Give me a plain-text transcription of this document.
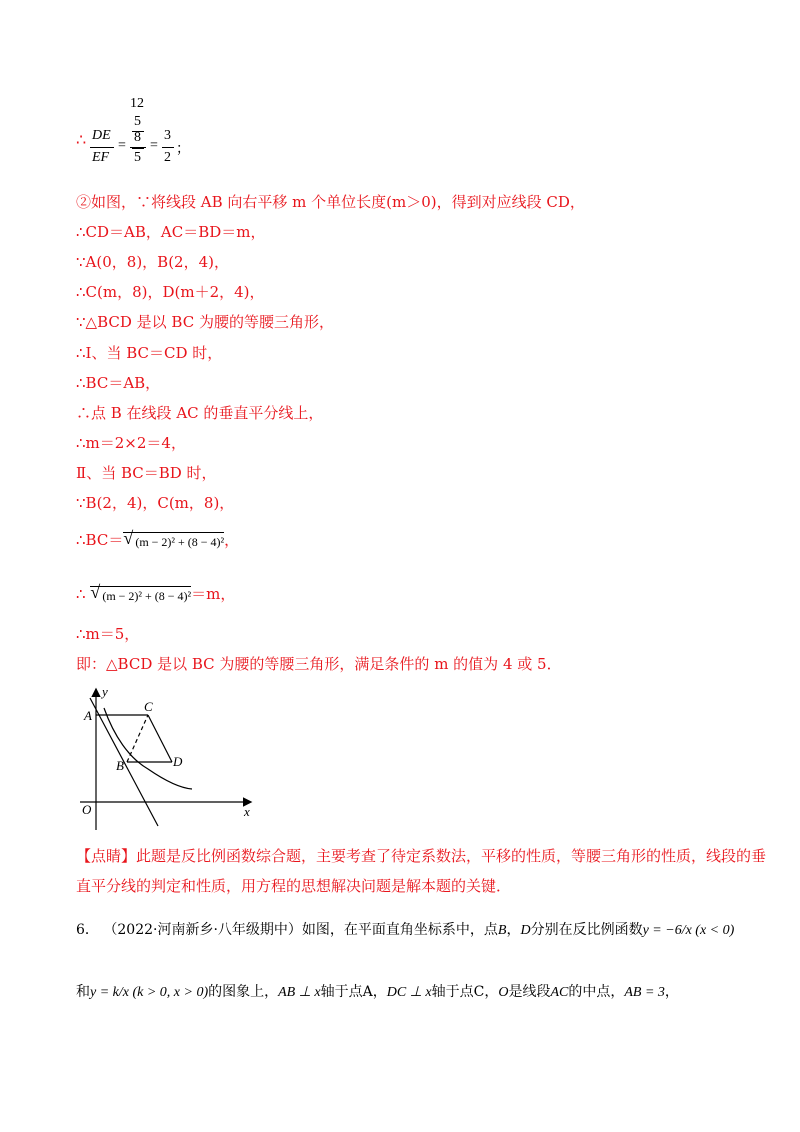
∴ DE
EF
=
12
5
8
5
=
3
2
；
②如图，∵将线段 AB 向右平移 m 个单位长度(m＞0)，得到对应线段 CD，
∴CD＝AB，AC＝BD＝m，
∵A(0，8)，B(2，4)，
∴C(m，8)，D(m＋2，4)，
∵△BCD 是以 BC 为腰的等腰三角形，
∴Ⅰ、当 BC＝CD 时，
∴BC＝AB，
∴点 B 在线段 AC 的垂直平分线上，
∴m＝2×2＝4，
Ⅱ、当 BC＝BD 时，
∵B(2，4)，C(m，8)，
∴BC＝ √ (m − 2)² + (8 − 4)²，
∴ √ (m − 2)² + (8 − 4)²＝m，
∴m＝5，
即：△BCD 是以 BC 为腰的等腰三角形，满足条件的 m 的值为 4 或 5．
y
A
C
B	D
O	x
【点睛】此题是反比例函数综合题，主要考查了待定系数法，平移的性质，等腰三角形的性质，线段的垂
直平分线的判定和性质，用方程的思想解决问题是解本题的关键．
6． （2022·河南新乡·八年级期中）如图，在平面直角坐标系中，点B，D分别在反比例函数y = −6/x (x < 0)
和y = k/x (k > 0, x > 0)的图象上，AB ⊥ x轴于点A，DC ⊥ x轴于点C，O是线段AC的中点，AB = 3，
